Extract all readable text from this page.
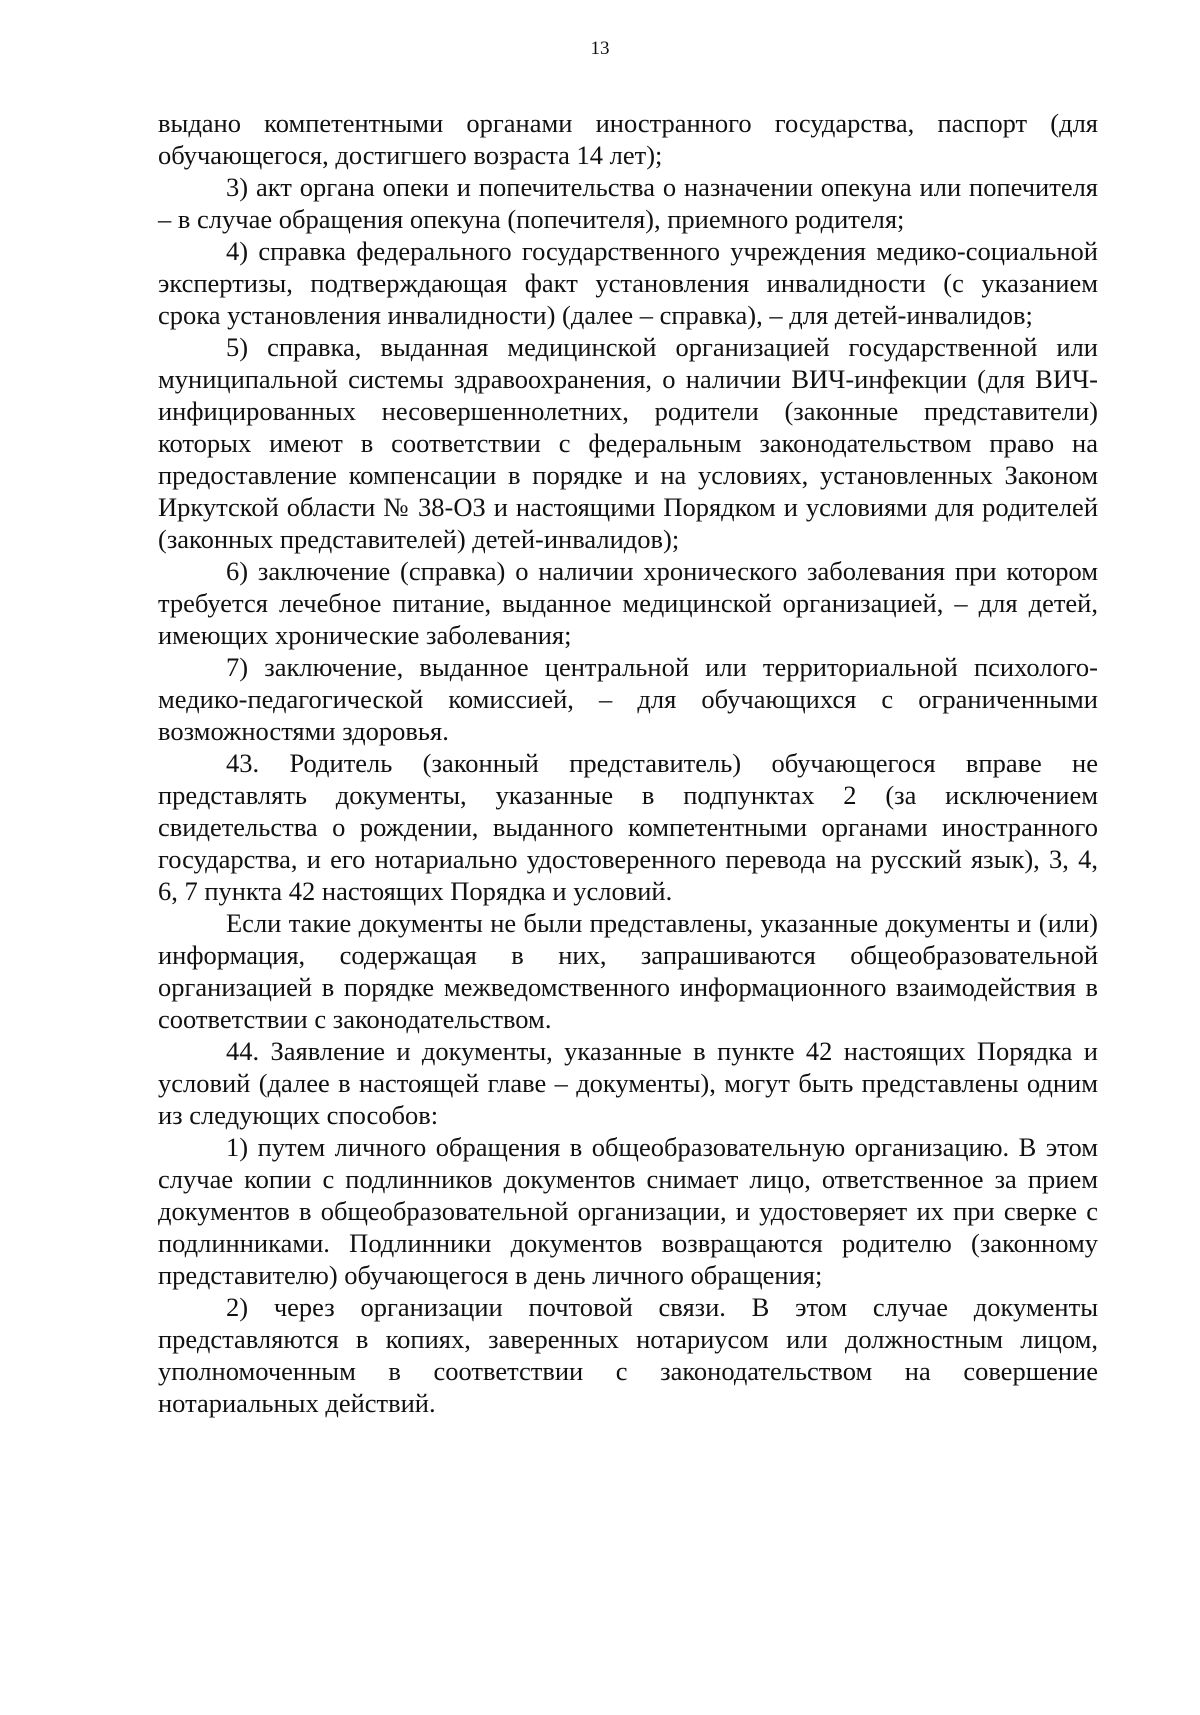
13

выдано компетентными органами иностранного государства, паспорт (для обучающегося, достигшего возраста 14 лет);

3) акт органа опеки и попечительства о назначении опекуна или попечителя – в случае обращения опекуна (попечителя), приемного родителя;

4) справка федерального государственного учреждения медико-социальной экспертизы, подтверждающая факт установления инвалидности (с указанием срока установления инвалидности) (далее – справка), – для детей-инвалидов;

5) справка, выданная медицинской организацией государственной или муниципальной системы здравоохранения, о наличии ВИЧ-инфекции (для ВИЧ-инфицированных несовершеннолетних, родители (законные представители) которых имеют в соответствии с федеральным законодательством право на предоставление компенсации в порядке и на условиях, установленных Законом Иркутской области № 38-ОЗ и настоящими Порядком и условиями для родителей (законных представителей) детей-инвалидов);

6) заключение (справка) о наличии хронического заболевания при котором требуется лечебное питание, выданное медицинской организацией, – для детей, имеющих хронические заболевания;

7) заключение, выданное центральной или территориальной психолого-медико-педагогической комиссией, – для обучающихся с ограниченными возможностями здоровья.

43. Родитель (законный представитель) обучающегося вправе не представлять документы, указанные в подпунктах 2 (за исключением свидетельства о рождении, выданного компетентными органами иностранного государства, и его нотариально удостоверенного перевода на русский язык), 3, 4, 6, 7 пункта 42 настоящих Порядка и условий.

Если такие документы не были представлены, указанные документы и (или) информация, содержащая в них, запрашиваются общеобразовательной организацией в порядке межведомственного информационного взаимодействия в соответствии с законодательством.

44. Заявление и документы, указанные в пункте 42 настоящих Порядка и условий (далее в настоящей главе – документы), могут быть представлены одним из следующих способов:

1) путем личного обращения в общеобразовательную организацию. В этом случае копии с подлинников документов снимает лицо, ответственное за прием документов в общеобразовательной организации, и удостоверяет их при сверке с подлинниками. Подлинники документов возвращаются родителю (законному представителю) обучающегося в день личного обращения;

2) через организации почтовой связи. В этом случае документы представляются в копиях, заверенных нотариусом или должностным лицом, уполномоченным в соответствии с законодательством на совершение нотариальных действий.
